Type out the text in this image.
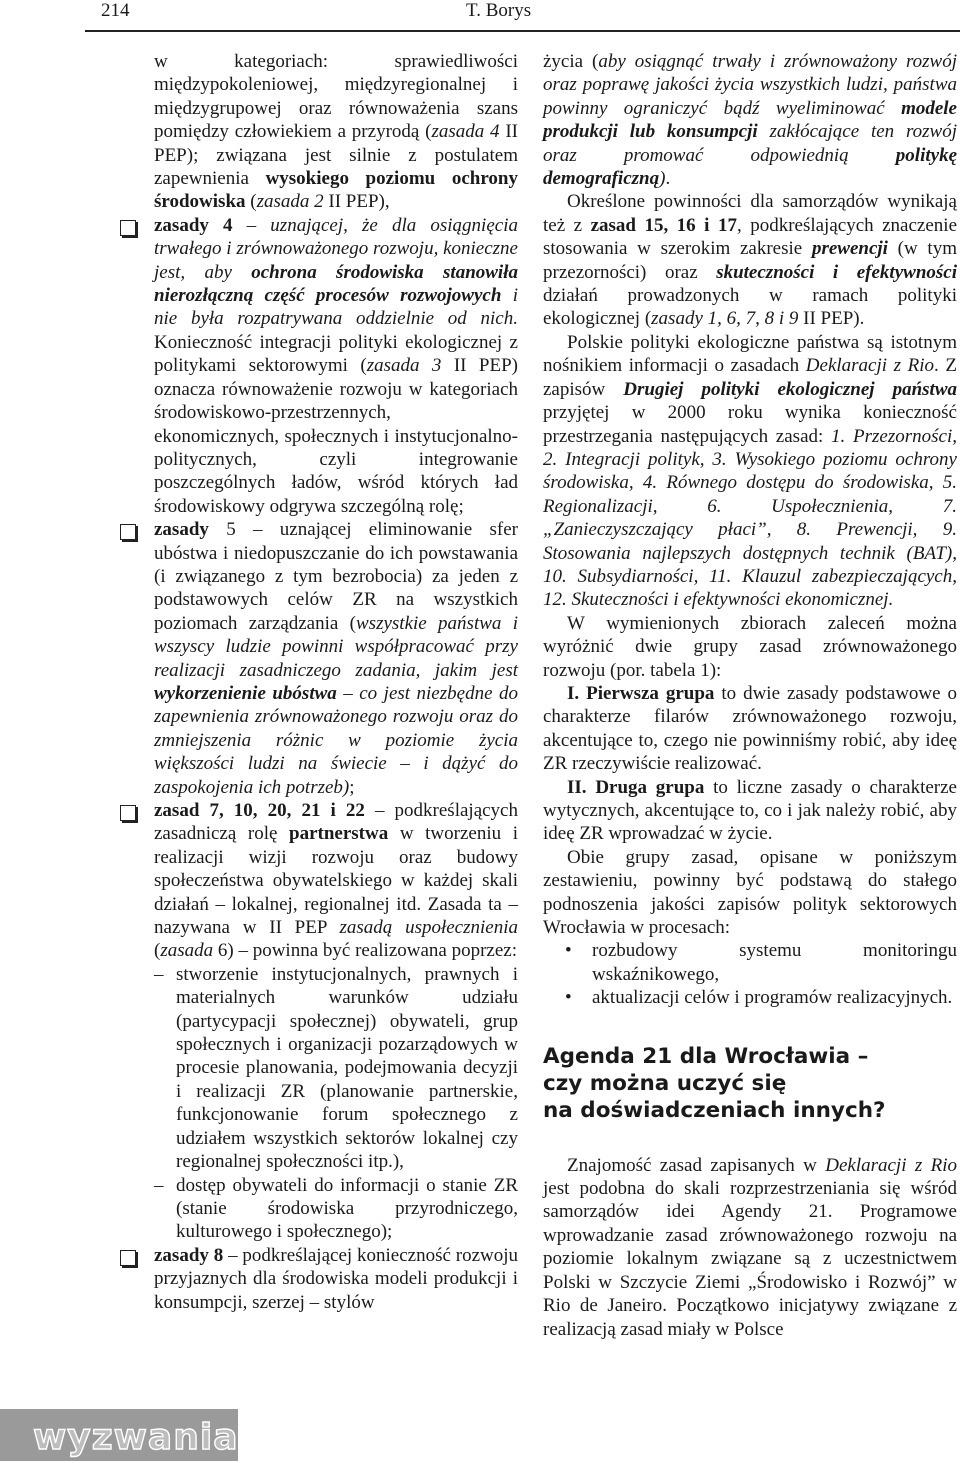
214	T. Borys

w kategoriach: sprawiedliwości międzypokoleniowej, międzyregionalnej i międzygrupowej oraz równoważenia szans pomiędzy człowiekiem a przyrodą (zasada 4 II PEP); związana jest silnie z postulatem zapewnienia wysokiego poziomu ochrony środowiska (zasada 2 II PEP),

zasady 4 – uznającej, że dla osiągnięcia trwałego i zrównoważonego rozwoju, konieczne jest, aby ochrona środowiska stanowiła nierozłączną część procesów rozwojowych i nie była rozpatrywana oddzielnie od nich. Konieczność integracji polityki ekologicznej z politykami sektorowymi (zasada 3 II PEP) oznacza równoważenie rozwoju w kategoriach środowiskowo-przestrzennych, ekonomicznych, społecznych i instytucjonalno-politycznych, czyli integrowanie poszczególnych ładów, wśród których ład środowiskowy odgrywa szczególną rolę;

zasady 5 – uznającej eliminowanie sfer ubóstwa i niedopuszczanie do ich powstawania (i związanego z tym bezrobocia) za jeden z podstawowych celów ZR na wszystkich poziomach zarządzania (wszystkie państwa i wszyscy ludzie powinni współpracować przy realizacji zasadniczego zadania, jakim jest wykorzenienie ubóstwa – co jest niezbędne do zapewnienia zrównoważonego rozwoju oraz do zmniejszenia różnic w poziomie życia większości ludzi na świecie – i dążyć do zaspokojenia ich potrzeb);

zasad 7, 10, 20, 21 i 22 – podkreślających zasadniczą rolę partnerstwa w tworzeniu i realizacji wizji rozwoju oraz budowy społeczeństwa obywatelskiego w każdej skali działań – lokalnej, regionalnej itd. Zasada ta – nazywana w II PEP zasadą uspołecznienia (zasada 6) – powinna być realizowana poprzez:

– stworzenie instytucjonalnych, prawnych i materialnych warunków udziału (partycypacji społecznej) obywateli, grup społecznych i organizacji pozarządowych w procesie planowania, podejmowania decyzji i realizacji ZR (planowanie partnerskie, funkcjonowanie forum społecznego z udziałem wszystkich sektorów lokalnej czy regionalnej społeczności itp.),
– dostęp obywateli do informacji o stanie ZR (stanie środowiska przyrodniczego, kulturowego i społecznego);

zasady 8 – podkreślającej konieczność rozwoju przyjaznych dla środowiska modeli produkcji i konsumpcji, szerzej – stylów

życia (aby osiągnąć trwały i zrównoważony rozwój oraz poprawę jakości życia wszystkich ludzi, państwa powinny ograniczyć bądź wyeliminować modele produkcji lub konsumpcji zakłócające ten rozwój oraz promować odpowiednią politykę demograficzną).

Określone powinności dla samorządów wynikają też z zasad 15, 16 i 17, podkreślających znaczenie stosowania w szerokim zakresie prewencji (w tym przezorności) oraz skuteczności i efektywności działań prowadzonych w ramach polityki ekologicznej (zasady 1, 6, 7, 8 i 9 II PEP).

Polskie polityki ekologiczne państwa są istotnym nośnikiem informacji o zasadach Deklaracji z Rio. Z zapisów Drugiej polityki ekologicznej państwa przyjętej w 2000 roku wynika konieczność przestrzegania następujących zasad: 1. Przezorności, 2. Integracji polityk, 3. Wysokiego poziomu ochrony środowiska, 4. Równego dostępu do środowiska, 5. Regionalizacji, 6. Uspołecznienia, 7. „Zanieczyszczający płaci”, 8. Prewencji, 9. Stosowania najlepszych dostępnych technik (BAT), 10. Subsydiarności, 11. Klauzul zabezpieczających, 12. Skuteczności i efektywności ekonomicznej.

W wymienionych zbiorach zaleceń można wyróżnić dwie grupy zasad zrównoważonego rozwoju (por. tabela 1):

I. Pierwsza grupa to dwie zasady podstawowe o charakterze filarów zrównoważonego rozwoju, akcentujące to, czego nie powinniśmy robić, aby ideę ZR rzeczywiście realizować.

II. Druga grupa to liczne zasady o charakterze wytycznych, akcentujące to, co i jak należy robić, aby ideę ZR wprowadzać w życie.

Obie grupy zasad, opisane w poniższym zestawieniu, powinny być podstawą do stałego podnoszenia jakości zapisów polityk sektorowych Wrocławia w procesach:

• rozbudowy systemu monitoringu wskaźnikowego,
• aktualizacji celów i programów realizacyjnych.
Agenda 21 dla Wrocławia –
czy można uczyć się
na doświadczeniach innych?

Znajomość zasad zapisanych w Deklaracji z Rio jest podobna do skali rozprzestrzeniania się wśród samorządów idei Agendy 21. Programowe wprowadzanie zasad zrównoważonego rozwoju na poziomie lokalnym związane są z uczestnictwem Polski w Szczycie Ziemi „Środowisko i Rozwój” w Rio de Janeiro. Początkowo inicjatywy związane z realizacją zasad miały w Polsce

wyzwania
